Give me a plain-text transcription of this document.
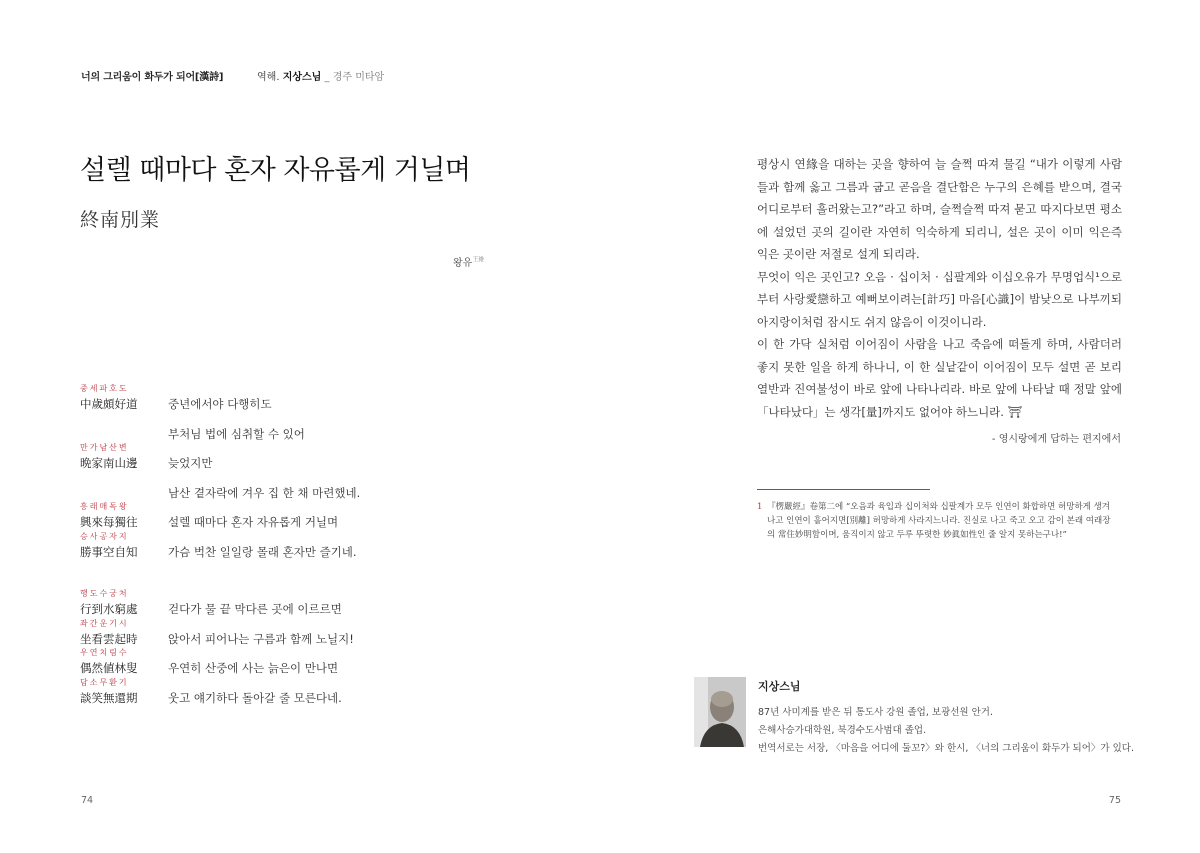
너의 그리움이 화두가 되어[漢詩]	역해. 지상스님 _ 경주 미타암
설렐 때마다 혼자 자유롭게 거닐며
終南別業
왕유$^{王維}$
중세파호도
中歲頗好道	중년에서야 다행히도
부처님 법에 심취할 수 있어
만가남산변
晩家南山邊	늦었지만
남산 곁자락에 겨우 집 한 채 마련했네.
흥래매독왕
興來每獨往	설렐 때마다 혼자 자유롭게 거닐며
승사공자지
勝事空自知	가슴 벅찬 일일랑 몰래 혼자만 즐기네.
행도수궁처
行到水窮處	걷다가 물 끝 막다른 곳에 이르르면
좌간운기시
坐看雲起時	앉아서 피어나는 구름과 함께 노닐지!
우연치림수
偶然値林叟	우연히 산중에 사는 늙은이 만나면
담소무환기
談笑無還期	웃고 얘기하다 돌아갈 줄 모른다네.

평상시 연緣을 대하는 곳을 향하여 늘 슬쩍 따져 물길 “내가 이렇게 사람들과 함께 옳고 그름과 굽고 곧음을 결단함은 누구의 은혜를 받으며, 결국 어디로부터 흘러왔는고?”라고 하며, 슬쩍슬쩍 따져 묻고 따지다보면 평소에 설었던 곳의 길이란 자연히 익숙하게 되리니, 설은 곳이 이미 익은즉 익은 곳이란 저절로 설게 되리라.

무엇이 익은 곳인고? 오음 · 십이처 · 십팔계와 이십오유가 무명업식¹으로부터 사랑愛戀하고 예뻐보이려는[計巧] 마음[心識]이 밤낮으로 나부끼되 아지랑이처럼 잠시도 쉬지 않음이 이것이니라.

이 한 가닥 실처럼 이어짐이 사람을 나고 죽음에 떠돌게 하며, 사람더러 좋지 못한 일을 하게 하나니, 이 한 실낱같이 이어짐이 모두 설면 곧 보리열반과 진여불성이 바로 앞에 나타나리라. 바로 앞에 나타날 때 정말 앞에 「나타났다」는 생각[量]까지도 없어야 하느니라. ⛩

- 영시랑에게 답하는 편지에서
1 『楞嚴經』卷第二에 “오음과 육입과 십이처와 십팔계가 모두 인연이 화합하면 허망하게 생겨나고 인연이 흩어지면[別離] 허망하게 사라지느니라. 진실로 나고 죽고 오고 감이 본래 여래장의 常住妙明함이며, 움직이지 않고 두루 뚜렷한 妙眞如性인 줄 알지 못하는구나!”
지상스님

87년 사미계를 받은 뒤 통도사 강원 졸업, 보광선원 안거.

은해사승가대학원, 북경수도사범대 졸업.

번역서로는 서장, 〈마음을 어디에 둘꼬?〉와 한시, 〈너의 그리움이 화두가 되어〉가 있다.

74	75
